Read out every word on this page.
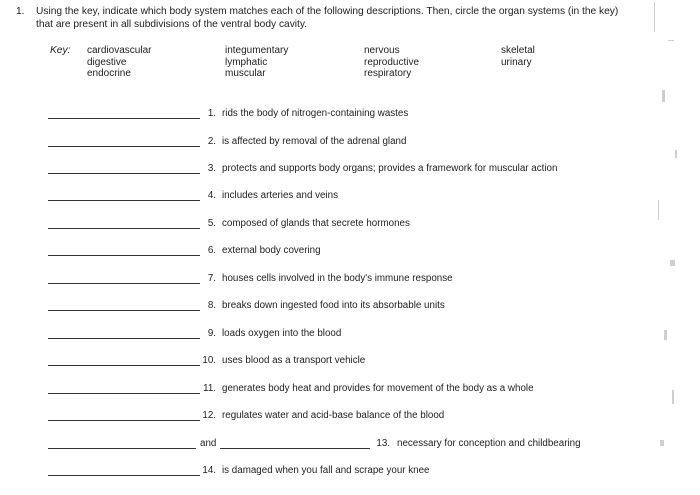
1. Using the key, indicate which body system matches each of the following descriptions. Then, circle the organ systems (in the key) that are present in all subdivisions of the ventral body cavity.
Key: cardiovascular
digestive
endocrine
integumentary
lymphatic
muscular
nervous
reproductive
respiratory
skeletal
urinary
1. rids the body of nitrogen-containing wastes
2. is affected by removal of the adrenal gland
3. protects and supports body organs; provides a framework for muscular action
4. includes arteries and veins
5. composed of glands that secrete hormones
6. external body covering
7. houses cells involved in the body's immune response
8. breaks down ingested food into its absorbable units
9. loads oxygen into the blood
10. uses blood as a transport vehicle
11. generates body heat and provides for movement of the body as a whole
12. regulates water and acid-base balance of the blood
and	13. necessary for conception and childbearing
14. is damaged when you fall and scrape your knee
